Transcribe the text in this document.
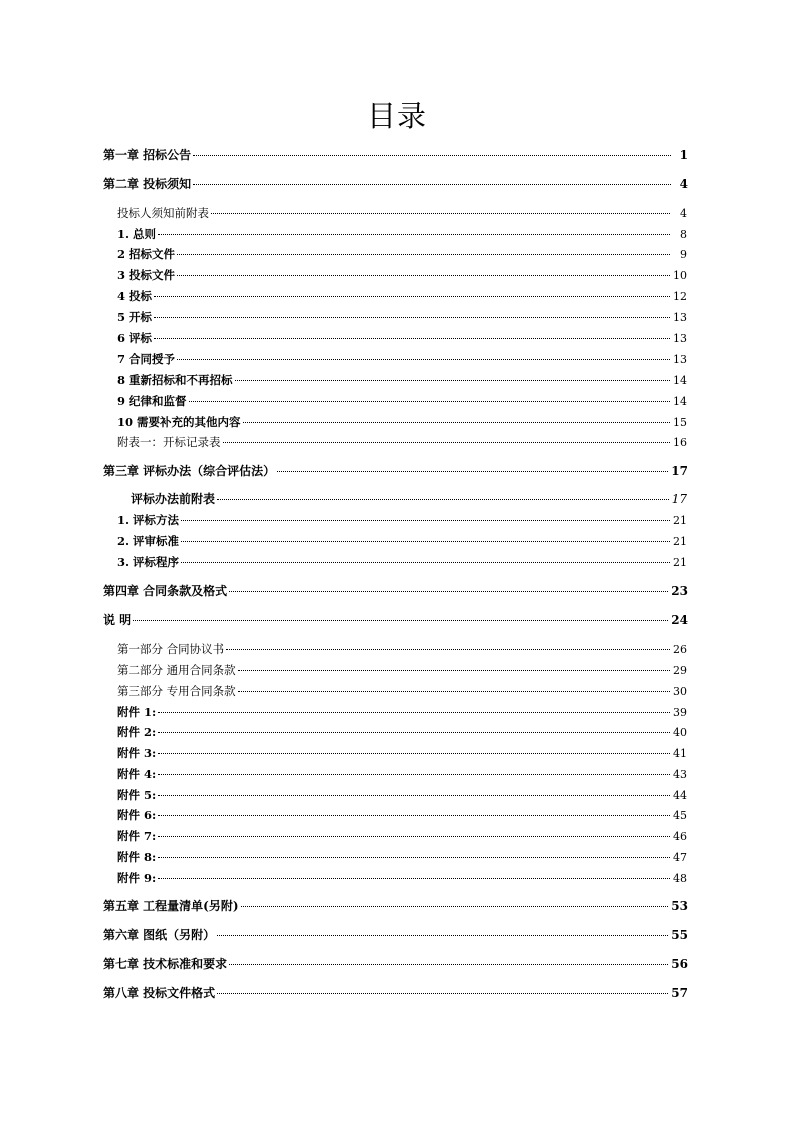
目录
第一章 招标公告	1
第二章 投标须知	4
投标人须知前附表	4
1. 总则	8
2 招标文件	9
3 投标文件	10
4 投标	12
5 开标	13
6 评标	13
7 合同授予	13
8 重新招标和不再招标	14
9 纪律和监督	14
10 需要补充的其他内容	15
附表一：开标记录表	16
第三章 评标办法（综合评估法）	17
评标办法前附表	17
1. 评标方法	21
2. 评审标准	21
3. 评标程序	21
第四章 合同条款及格式	23
说 明	24
第一部分 合同协议书	26
第二部分 通用合同条款	29
第三部分 专用合同条款	30
附件 1:	39
附件 2:	40
附件 3:	41
附件 4:	43
附件 5:	44
附件 6:	45
附件 7:	46
附件 8:	47
附件 9:	48
第五章 工程量清单(另附)	53
第六章 图纸（另附）	55
第七章 技术标准和要求	56
第八章 投标文件格式	57
